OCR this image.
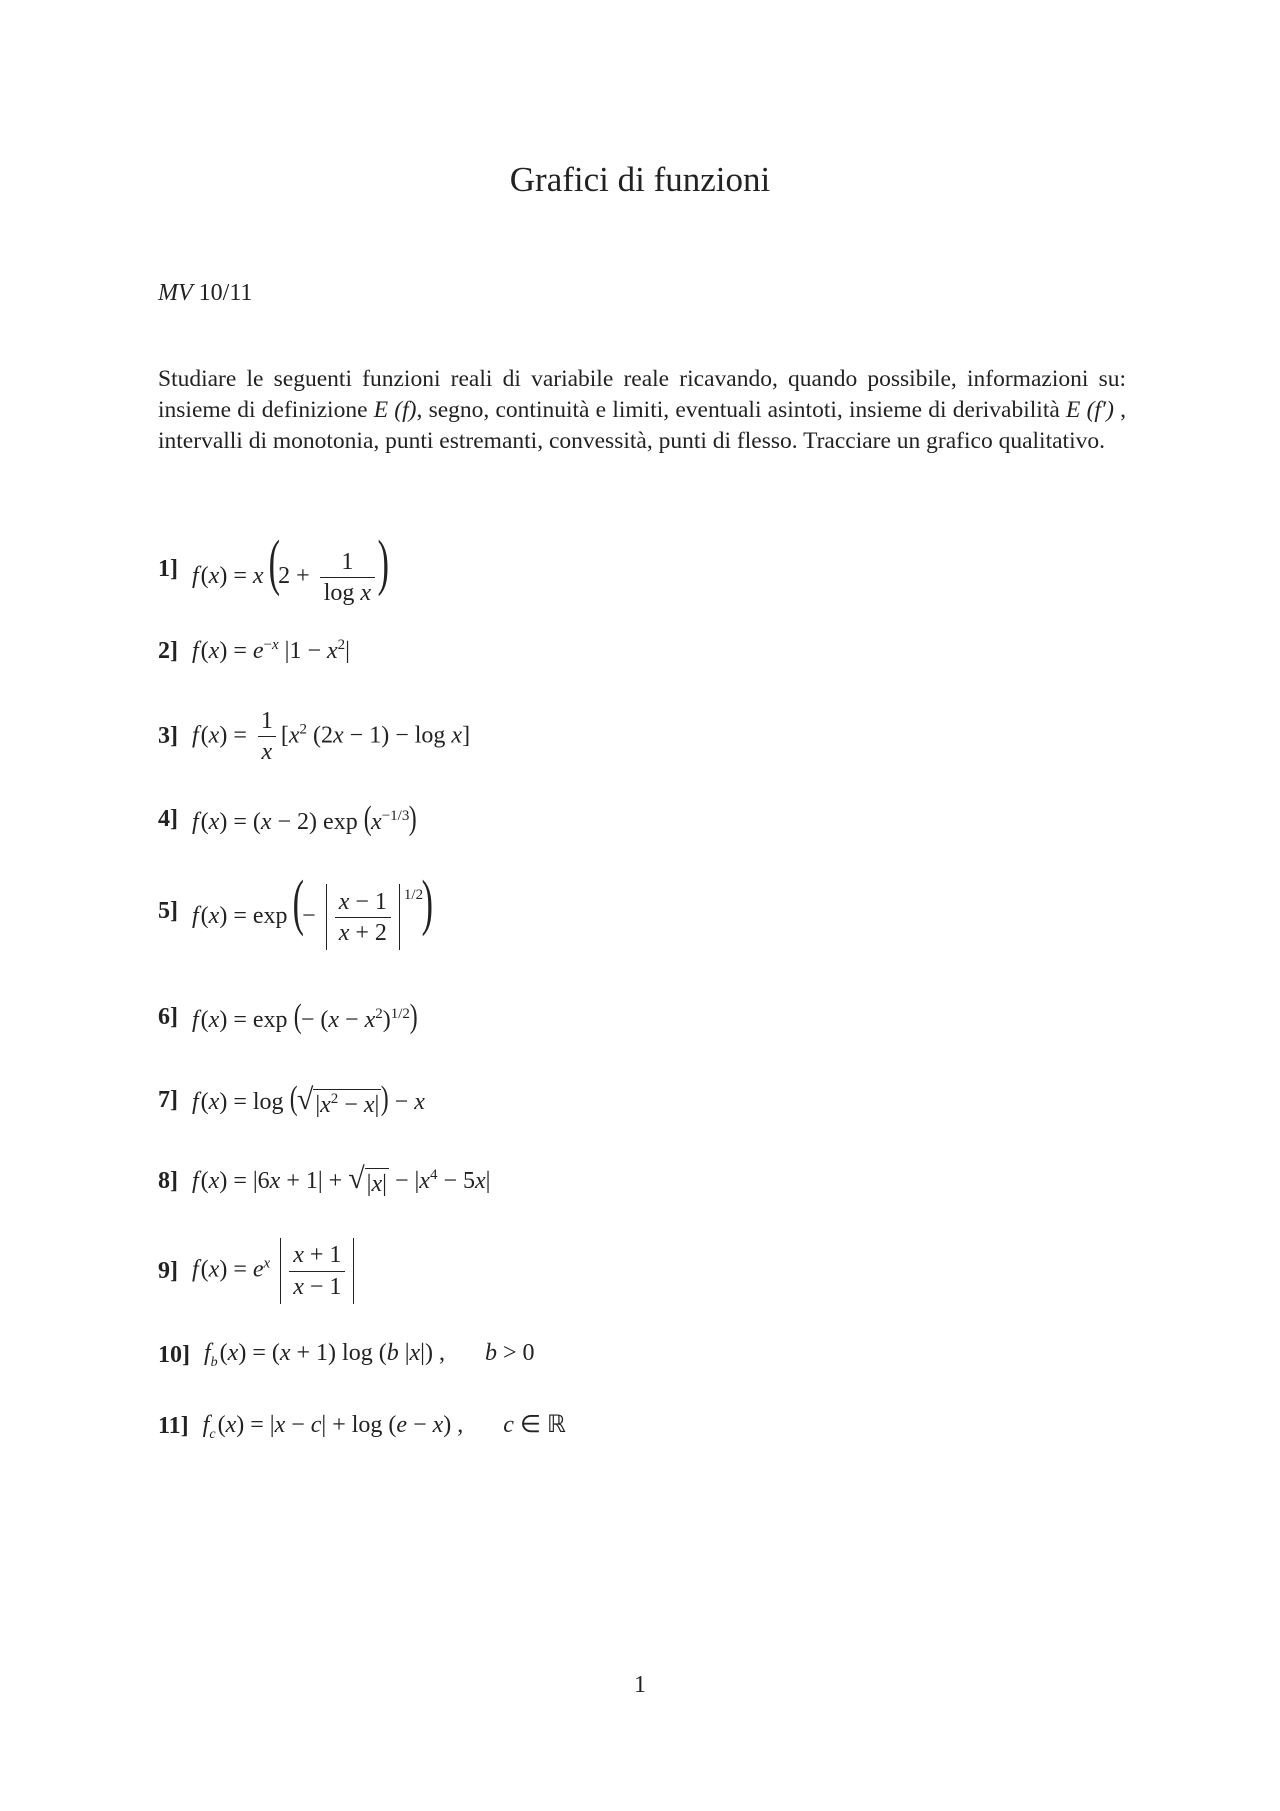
Grafici di funzioni
MV 10/11

Studiare le seguenti funzioni reali di variabile reale ricavando, quando possibile, informazioni su: insieme di definizione E (f), segno, continuità e limiti, eventuali asintoti, insieme di derivabilità E (f′) , intervalli di monotonia, punti estremanti, convessità, punti di flesso. Tracciare un grafico qualitativo.

1] f (x) = x ($2 + \frac{1}{\text{log x}}$ )
2] f $(x) = e^{-x}$ $|1 - x^2|$
3] f $(x) = \frac{1}{x} [x^2$ (2x − 1) − log x]
4] f (x) = (x − 2) $\exp (x^{-1/3})$
5] f (x) = exp (− $\frac{x - 1}{x + 2} ^{1/2}$)
6] f (x) = exp (− $(x - x^2)^{1/2}$)
7] f (x) = log ( √ $|x^2 - x|$ ) − x
8] f (x) = |6x + 1| + √ $|x| - |x^4 - 5x|$
9] f $(x) = e^x \frac{x + 1}{x - 1}$
10] $f_b$ (x) = (x + 1) log (b |x|) , b > 0
11] $f_c$ (x) = |x − c| + log (e − x) , c ∈ ℝ
1
